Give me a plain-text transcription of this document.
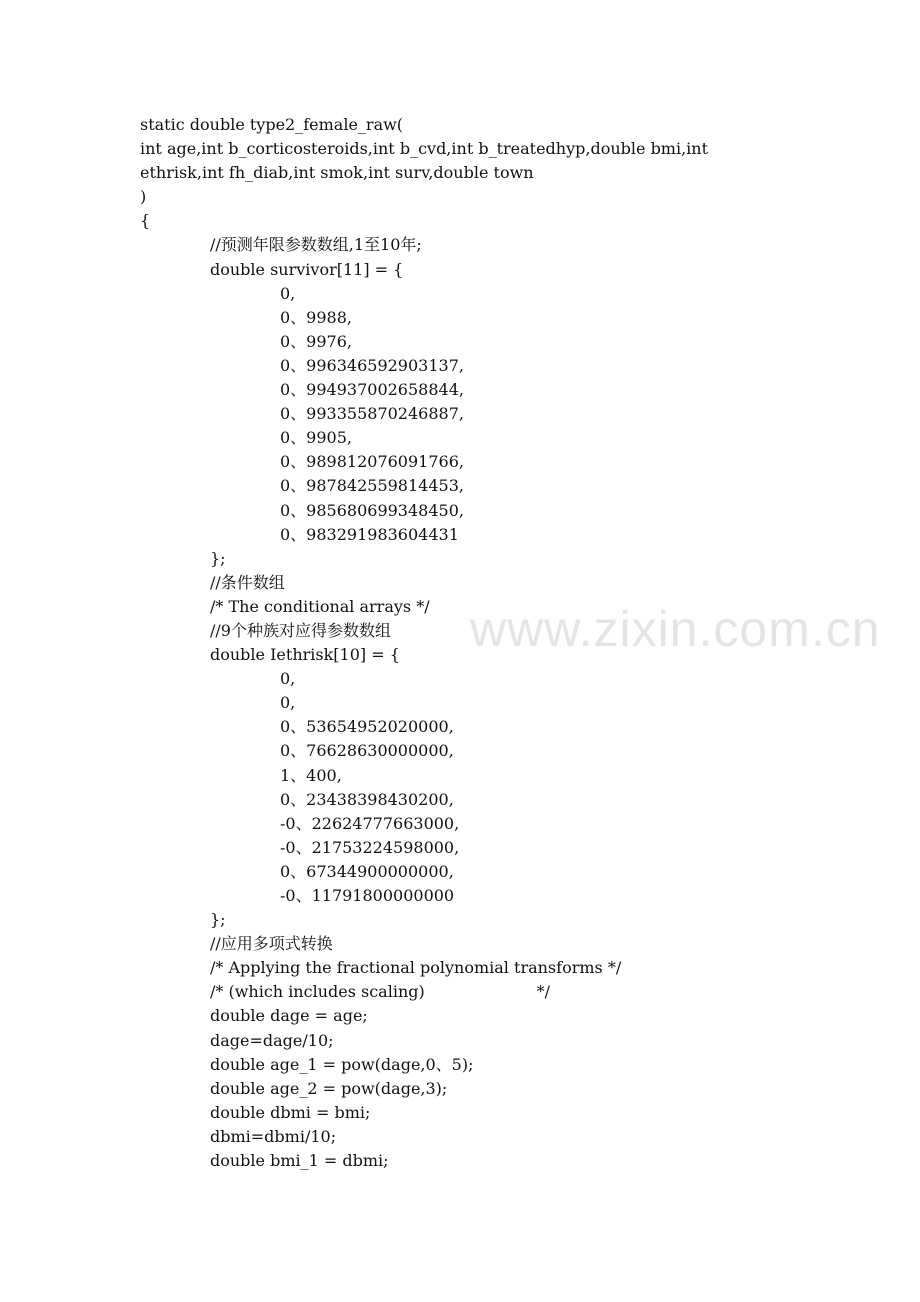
www.zixin.com.cn
static double type2_female_raw(
int age,int b_corticosteroids,int b_cvd,int b_treatedhyp,double bmi,int
ethrisk,int fh_diab,int smok,int surv,double town
)
{
//预测年限参数数组,1至10年;
double survivor[11] = {
0,
0、9988,
0、9976,
0、996346592903137,
0、994937002658844,
0、993355870246887,
0、9905,
0、989812076091766,
0、987842559814453,
0、985680699348450,
0、983291983604431
};
//条件数组
/* The conditional arrays */
//9个种族对应得参数数组
double Iethrisk[10] = {
0,
0,
0、53654952020000,
0、76628630000000,
1、400,
0、23438398430200,
-0、22624777663000,
-0、21753224598000,
0、67344900000000,
-0、11791800000000
};
//应用多项式转换
/* Applying the fractional polynomial transforms */
/* (which includes scaling)                      */
double dage = age;
dage=dage/10;
double age_1 = pow(dage,0、5);
double age_2 = pow(dage,3);
double dbmi = bmi;
dbmi=dbmi/10;
double bmi_1 = dbmi;
